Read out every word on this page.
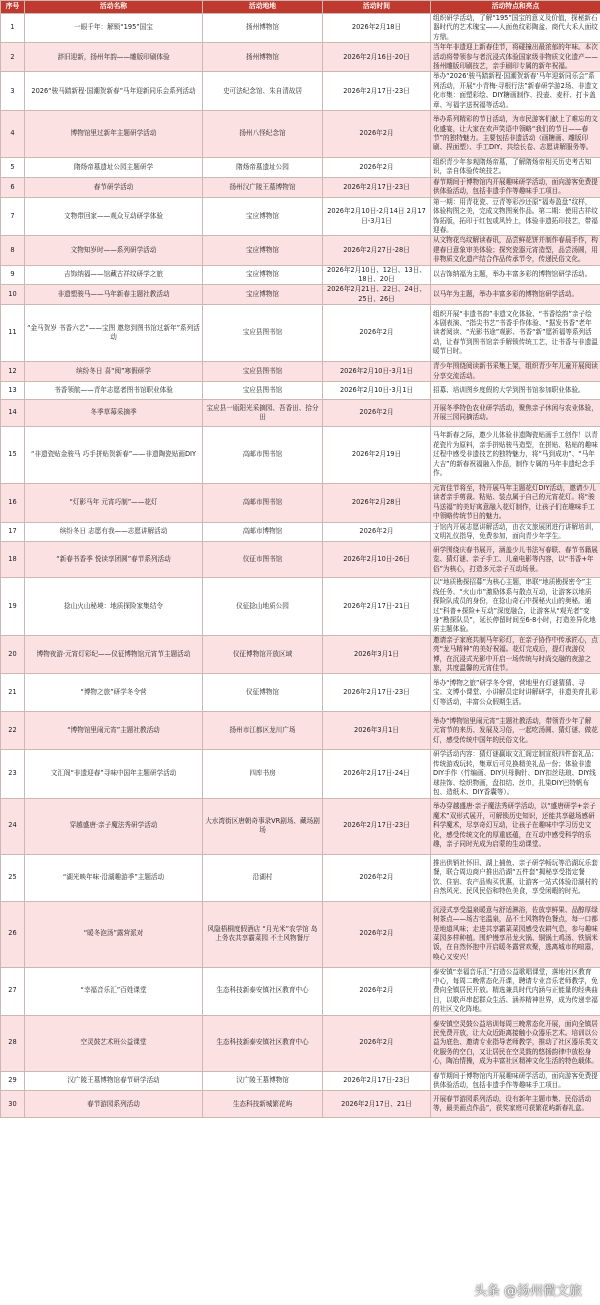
序号	活动名称	活动地地	活动时间	活动特点和亮点
1	一眼千年：解锁“195”国宝	扬州博物馆	2026年2月18日	组织研学活动，了解“195”国宝的意义及价值，探秘新石器时代的艺术瑰宝——人面鱼纹彩陶盆、商代大禾人面纹方鼎。
2	辞旧迎新，扬州年韵——雕版印刷体验	扬州博物馆	2026年2月16日-20日	当年年非遗迎上新春佳节，将碰撞出最浓郁的年味。本次活动将带领参与者沉浸式体验国家级非物质文化遗产——扬州雕版印刷技艺，亲手刷印专属的新年祝福。
3	2026“骏马踏新程·国潮贺新春”马年迎新同乐会系列活动	史可法纪念馆、朱自清故居	2026年2月17日-23日	举办“2026‘骏马踏新程·国潮贺新春’马年迎新同乐会”系列活动，开展“小青梅·寻根行法”新春研学游2场、非遗文化市集：面塑彩绘、DIY糖画制作、投壶、麦秆、打卡盖章、写福字送祝福等活动。
4	博物馆里过新年主题研学活动	扬州八怪纪念馆	2026年2月	举办系列精彩的节日活动，为市民游客们献上了难忘的文化盛宴，让大家在欢声笑语中领略“我们的节日——春节”的独特魅力。主要包括非遗活动（画糖画、雕版印刷、捏面塑）、手工DIY、共绘长卷、志愿讲解服务等。
5	隋炀帝墓遗址公园主题研学	隋炀帝墓遗址公园	2026年2月	组织青少年参观隋炀帝墓，了解隋炀帝相关历史考古知识，亲自体验传统技艺。
6	春节研学活动	扬州汉广陵王墓博物馆	2026年2月17日-23日	春节期间于博物馆内开展趣味研学活动，面向游客免费提供体验活动，包括非遗手作等趣味手工项目。
7	文物带回家——观众互动研学体验	宝应博物馆	2026年2月10日-2月14日 2月17日-3月1日	第一期：用青花瓷、豆青等彩沙还原“福寿盈盘”纹样，体验构图之美，完成文物图案作品。第二期：使用古祥纹饰拓版，拓印于红包或风铃上，体验非遗拓印技艺，带福迎春。
8	文物知岁时——系列研学活动	宝应博物馆	2026年2月27日-28日	从文物花鸟纹解读春讯，品尝鲜花饼并制作春晨手作，构建春日意象审美体验；探究瓷器元宵造型，品尝汤圆，用非物质文化遗产结合作品传承节令，传递民俗文化。
9	吉饰纳福——馆藏古祥纹研学之旅	宝应博物馆	2026年2月10日、12日、13日、18日、20日	以吉饰纳福为主题，举办丰富多彩的博物馆研学活动。
10	非遗塑骏马——马年新春主题社教活动	宝应博物馆	2026年2月21日、22日、24日、25日、26日	以马年为主题，举办丰富多彩的博物馆研学活动。
11	“金马贺岁 书香六艺”——宝图 邀您到图书馆过新年”系列活动	宝应县图书馆	2026年2月	组织开展“非遗书韵”非遗文化体验、“书香绘韵”亲子绘本剧表演、“指尖书艺”书香手作体验、“据发书香”老年读者阅读、“光影书途”观影、书香“新”愿祈福等系列活动，让春节到图书馆亲手解锁传统工艺，让书香与非遗温暖节日时。
12	缤纷冬日 喜“阅”寒假研学	宝应县图书馆	2026年2月10日-3月1日	青少年围绕阅读新书采集上架，组织青少年儿童开展阅读分享交流活动。
13	书香领航——青年志愿者图书馆职业体验	宝应县图书馆	2026年2月10日-3月1日	招募、培训图乡度假的大学到图书馆参加职业体验。
14	冬季草莓采摘季	宝应县一瓯阳光采摘园、吾香田、拾分田	2026年2月	开展冬季特色农业研学活动，聚焦亲子休闲与农业体验，开展三园同摘活动。
15	“非遗瓷贴金骏马 巧手拼贴贺新春”——非遗陶瓷贴画DIY	高邮市图书馆	2026年2月19日	马年新春之际，邀少儿体验非遗陶瓷贴画手工创作！以青花瓷片为原料，亲手拼贴骏马造型，在拼贴、粘贴的趣味过程中感受非遗技艺的独特魅力，将“马到成功”、“马年大吉”的新春祝福融入作品，制作专属的马年非遗纪念手作。
16	“灯影马年 元宵巧制”——花灯	高邮市图书馆	2026年2月28日	元宵佳节将至，特开展马年主题花灯DIY活动，邀请少儿读者亲手剪裁、粘贴、装点属于自己的元宵花灯。将“骏马送福”的美好寓意融入花灯制作，让孩子们在趣味手工中领略传统节日的魅力。
17	缤纷冬日 志愿有我——志愿讲解活动	高邮市博物馆	2026年2月	于馆内开展志愿讲解活动，由衣文旅展团进行讲解培训，文明礼仪指导，免费参加，面向青少年学生。
18	“新春书香季 悦读享团圆”春节系列活动	仪征市图书馆	2026年2月10日-26日	研学围绕庆春书展开，涵盖少儿书法写春联、春节书籍展览、猜灯谜、亲子手工、儿童电影等内容，以“书香+年俗”为核心，打造多元亲子互动场景。
19	捻山火山秘境：地质探险家集结令	仪征捻山地质公园	2026年2月17日-21日	以“地质勘探招募”为核心主题，串联“地质勘探密令”主线任务、“火山市”激励体系与散点互动，让游客以地质探险队成员的身份，在捻山奇石中探秘火山的奥秘。通过“科普+探险+互动”深度融合，让游客从“观光者”变身“勘探队员”，延长停留时间至6-8小时，打造差异化地质主题体验。
20	博物夜游·元宵灯彩纪——仪征博物馆元宵节主题活动	仪征博物馆开放区域	2026年3月1日	邀请亲子家庭共制马年彩灯，在亲子协作中传承匠心，点亮“龙马精神”的美好祝福。花灯完成后，提灯夜游仪博，在沉浸式光影中开启一场传统与时尚交融的夜游之旅，共度温馨的元宵佳节。
21	“博物之旅”研学冬令营	仪征博物馆	2026年2月17日-23日	举办“博物之旅”研学冬令营，营地里有灯谜猜猜、寻宝、文博小课堂、小讲解员定时讲解研学，非遗美育扎彩灯等活动，丰富公众假期生活。
22	“博物馆里闹元宵”主题社教活动	扬州市江都区龙川广场	2026年3月1日	举办“博物馆里闹元宵”主题社教活动，带领青少年了解元宵节的来历、发展及习俗，一起吃汤圆、猜灯谜、做花灯，感受传统中国年的民俗文化。
23	文汇阁“非遗迎春”寻味中国年主题研学活动	四库书房	2026年2月17日-24日	研学活动内容：猜灯谜赢取文汇阁定制宣纸四件套礼品；传统游戏玩转，集章后可兑换精美礼品一份；体验非遗DIY手作（竹编画、DIY贝母胸针、DIY扣丝珐琅、DIY线球挂饰、绘织物画，盘扣结、丝巾，扎染DIY巴特帆布包、造纸木、DIY香囊等）。
24	穿越盛唐·亲子魔法秀研学活动	大水湾街区唐朝奇事录VR剧场、藏场剧场	2026年2月17日-23日	举办穿越盛唐·亲子魔法秀研学活动，以“盛唐研学+亲子魔术”双形式展开，可解锁历史知识，还能共享磁场感研科学魔术，尽享奇幻互动，让孩子在趣味中学习历史文化，感受传统文化的厚重底蕴，在互动中感受科学的乐趣，亲子同时光成为启蒙的生动课堂。
25	“湖光映年味·沿湖趣游季”主题活动	沿湖村	2026年2月	推出供销社怀旧、湖上捕鱼、亲子研学畅玩等沿湖玩乐套餐，联合周边商户推出沿湖“五件套”揭秘享受指定餐饮、住宿、农产品购买优惠，让游客一站式体验沿湖村的自然风光、民风民俗和特色美食，享受闲暇的时光。
26	“暖冬泡汤”露营派对	风隐梧桐度假酒店 “月光米”农学馆 岛上务农共享霸菜园 不土风物餐厅	2026年2月	沉浸式享受温泉暖意与舒适淋浴，佐放享鲜果、品醇厚绿树茶点——场古宅温泉，品不土风物特色餐点，每一口都是地道风味；走进共享霸菜菜园感受农耕气息，参与趣味菜园多样种植。围炉慢享吊龙火锅、铜锅土鸡汤、铁锅米饭，在自然怀抱中开启暖冬露营欢聚，逃离城市的喧嚣，唤心又安兴！
27	“幸福音乐汇”百姓课堂	生态科技新泰安镇社区教育中心	2026年2月	泰安镇“幸福音乐汇”打造公益歌唱课堂，落地社区教育中心，每周二晚常态化开课，聘请专业音乐老师教学，免费向全镇居民开放。精选兼具时代内涵与正能量的经典曲目，以歌声串起群众生活、涵养精神世界，成为传递幸福的社区文化阵地。
28	空灵鼓艺术班公益课堂	生态科技新泰安镇社区教育中心	2026年2月	泰安镇空灵鼓公益培训每周三晚常态化开展，面向全镇居民免费开放，让大众近距离接触小众器乐艺术。培训以公益为底色、邀请专业指导老师教学，推动了社区器乐类文化服务的空白，又让居民在空灵鼓的悠扬韵律中放松身心，陶冶情操，成为丰富社区精神文化生活的特色载体。
29	汉广陵王墓博物馆春节研学活动	汉广陵王墓博物馆	2026年2月17日-23日	春节期间于博物馆内开展趣味研学活动，面向游客免费提供体验活动，包括非遗手作等趣味手工项目。
30	春节游园系列活动	生态科技新城繁花屿	2026年2月17日、21日	开展春节游园系列活动，设有新年主题市集、民俗活动等，最美画点作品”，获奖家庭可获繁花屿新春礼盒。
头条 @扬州微文旅
